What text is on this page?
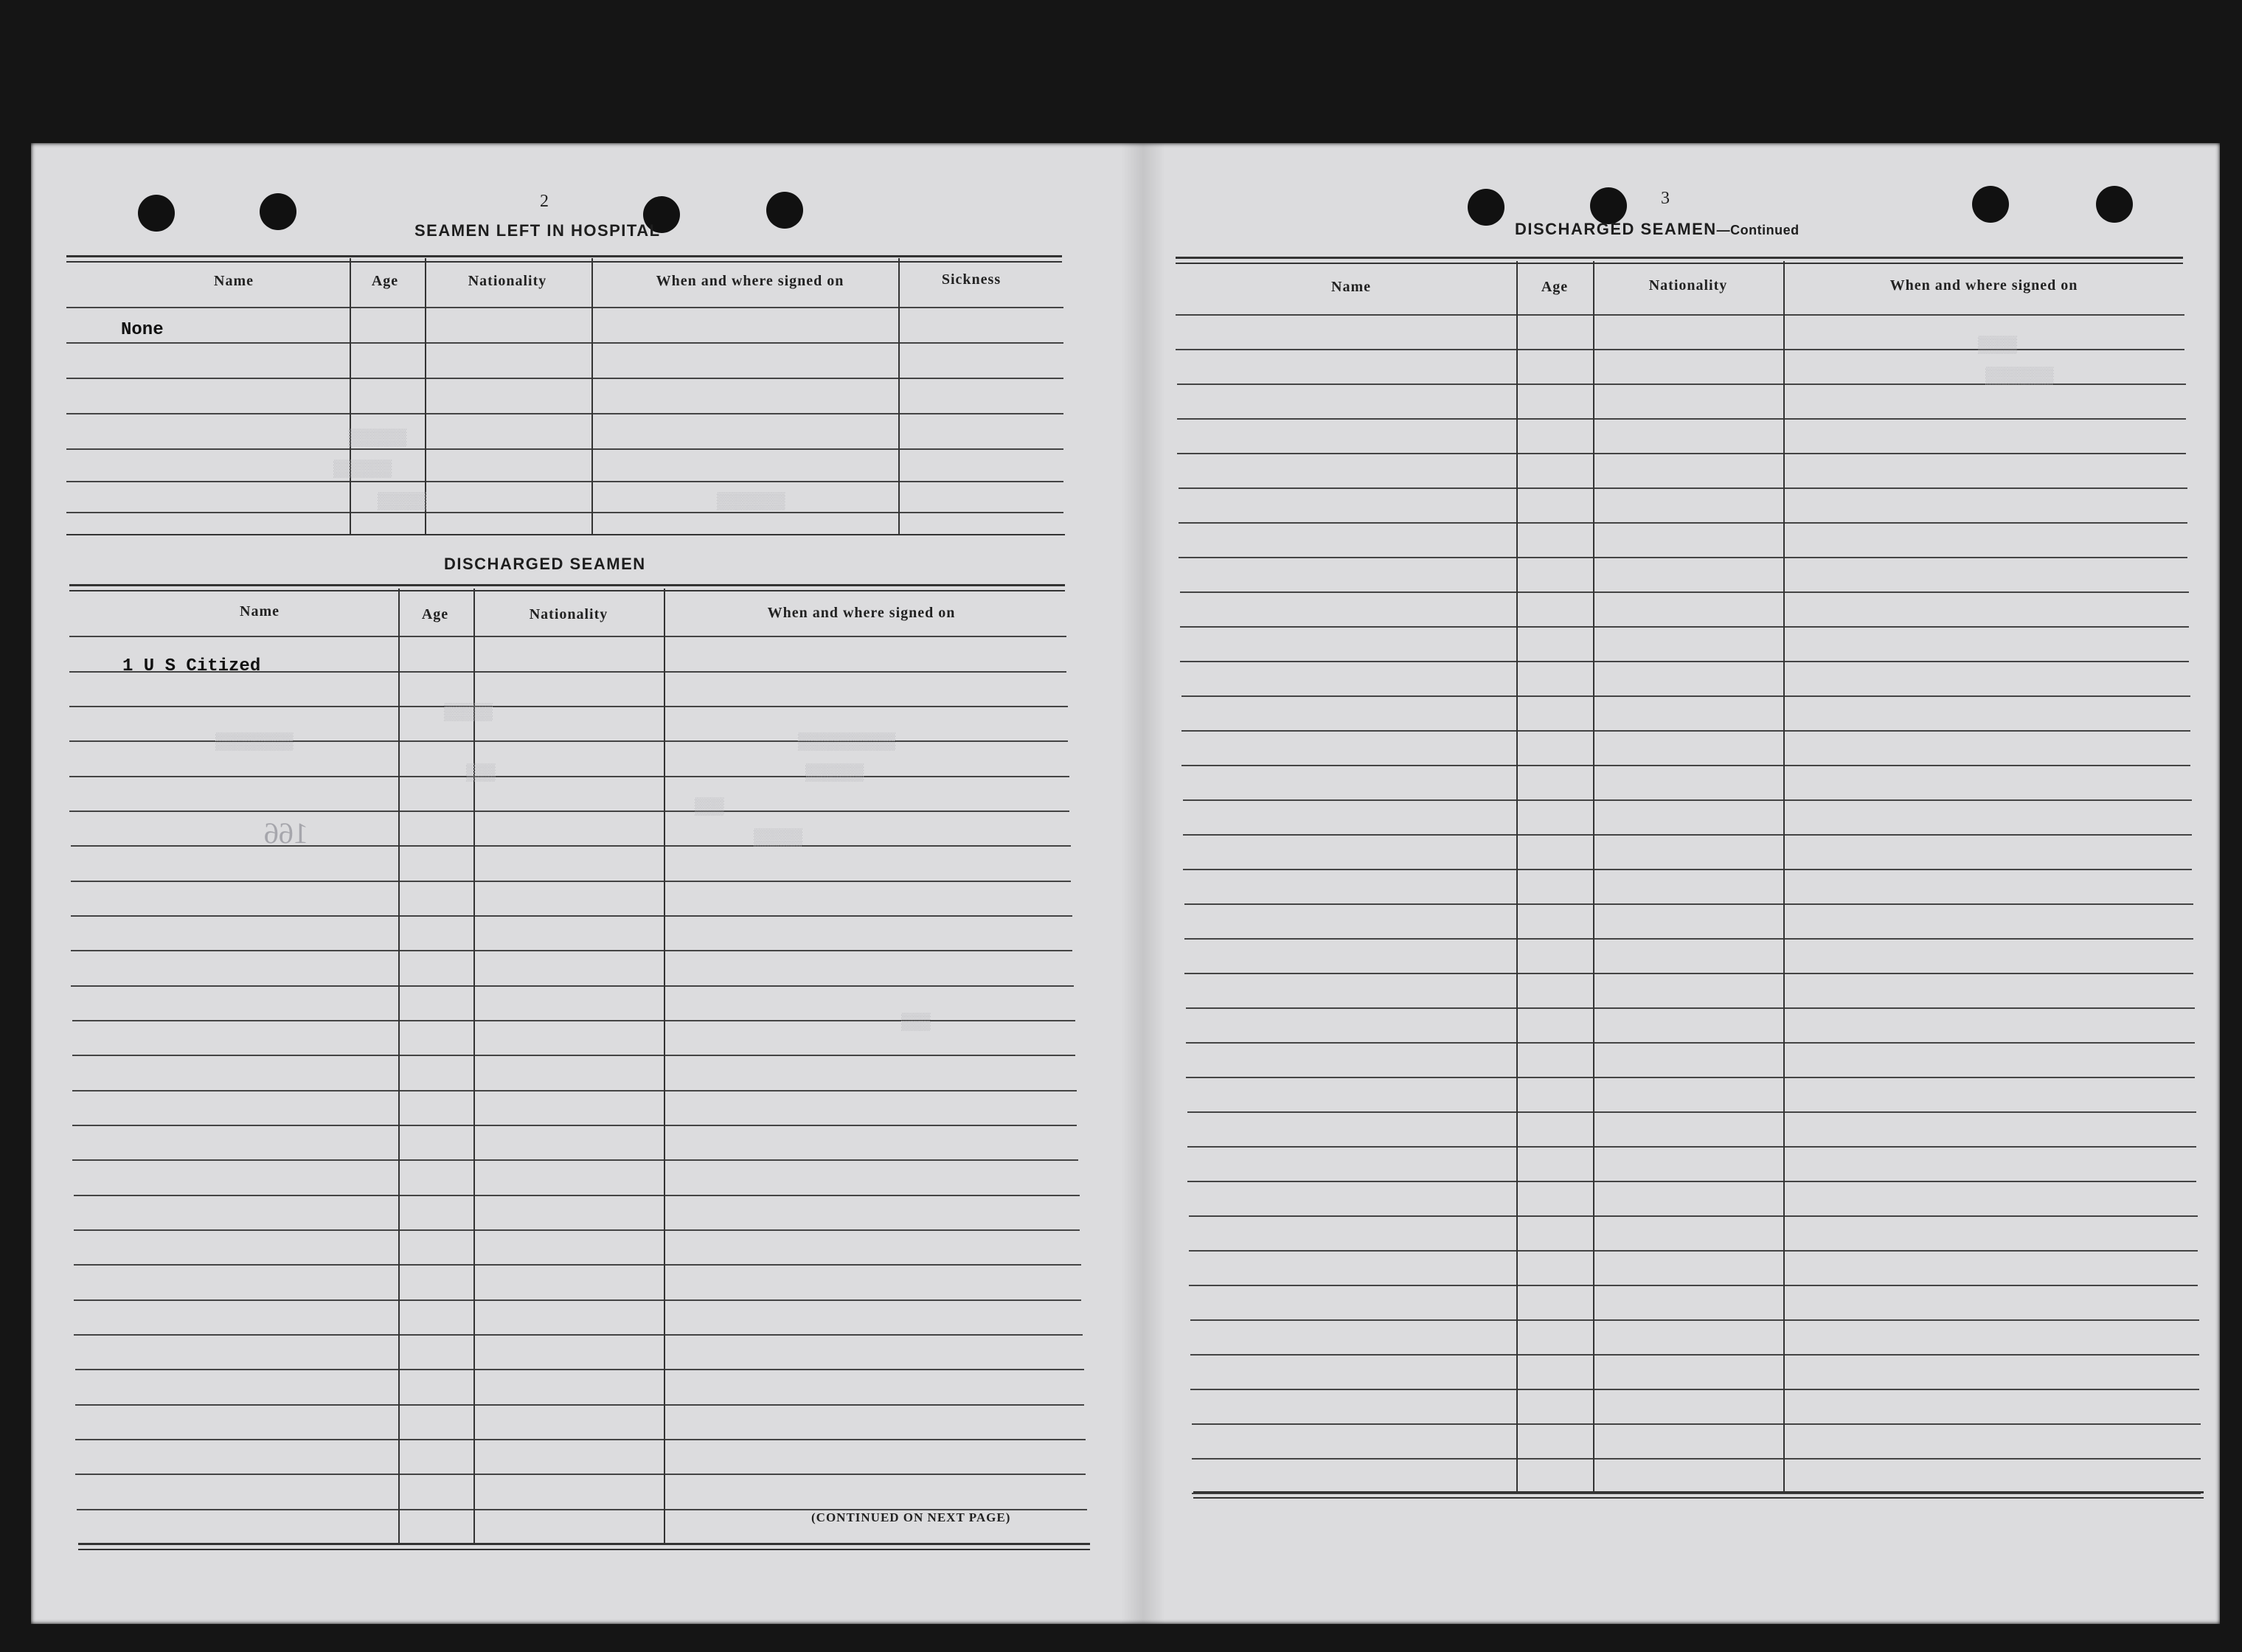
2
SEAMEN LEFT IN HOSPITAL
Name	Age	Nationality	When and where signed on	Sickness
None
▒▒▒▒▒▒
▒▒▒▒▒▒
▒▒▒▒▒	▒▒▒▒▒▒▒
DISCHARGED SEAMEN
Name	Age	Nationality	When and where signed on
1 U S Citized
▒▒▒▒▒▒▒▒
▒▒▒▒▒
▒▒▒
▒▒▒▒▒▒▒▒▒▒
▒▒▒▒▒▒
▒▒▒
▒▒▒▒▒
▒▒▒
166
(CONTINUED ON NEXT PAGE)
3
DISCHARGED SEAMEN—Continued
Name	Age	Nationality	When and where signed on
▒▒▒▒
▒▒▒▒▒▒▒
